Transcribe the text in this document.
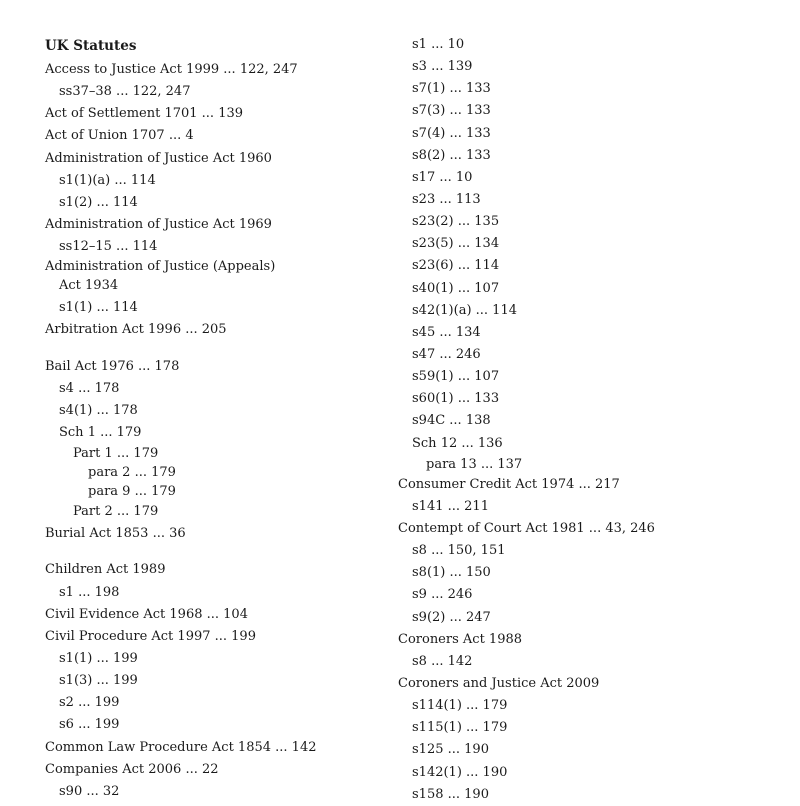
UK Statutes
Access to Justice Act 1999 ... 122, 247
ss37–38 ... 122, 247
Act of Settlement 1701 ... 139
Act of Union 1707 ... 4
Administration of Justice Act 1960
s1(1)(a) ... 114
s1(2) ... 114
Administration of Justice Act 1969
ss12–15 ... 114
Administration of Justice (Appeals)
Act 1934
s1(1) ... 114
Arbitration Act 1996 ... 205
Bail Act 1976 ... 178
s4 ... 178
s4(1) ... 178
Sch 1 ... 179
Part 1 ... 179
para 2 ... 179
para 9 ... 179
Part 2 ... 179
Burial Act 1853 ... 36
Children Act 1989
s1 ... 198
Civil Evidence Act 1968 ... 104
Civil Procedure Act 1997 ... 199
s1(1) ... 199
s1(3) ... 199
s2 ... 199
s6 ... 199
Common Law Procedure Act 1854 ... 142
Companies Act 2006 ... 22
s90 ... 32
s1 ... 10
s3 ... 139
s7(1) ... 133
s7(3) ... 133
s7(4) ... 133
s8(2) ... 133
s17 ... 10
s23 ... 113
s23(2) ... 135
s23(5) ... 134
s23(6) ... 114
s40(1) ... 107
s42(1)(a) ... 114
s45 ... 134
s47 ... 246
s59(1) ... 107
s60(1) ... 133
s94C ... 138
Sch 12 ... 136
para 13 ... 137
Consumer Credit Act 1974 ... 217
s141 ... 211
Contempt of Court Act 1981 ... 43, 246
s8 ... 150, 151
s8(1) ... 150
s9 ... 246
s9(2) ... 247
Coroners Act 1988
s8 ... 142
Coroners and Justice Act 2009
s114(1) ... 179
s115(1) ... 179
s125 ... 190
s142(1) ... 190
s158 ... 190
